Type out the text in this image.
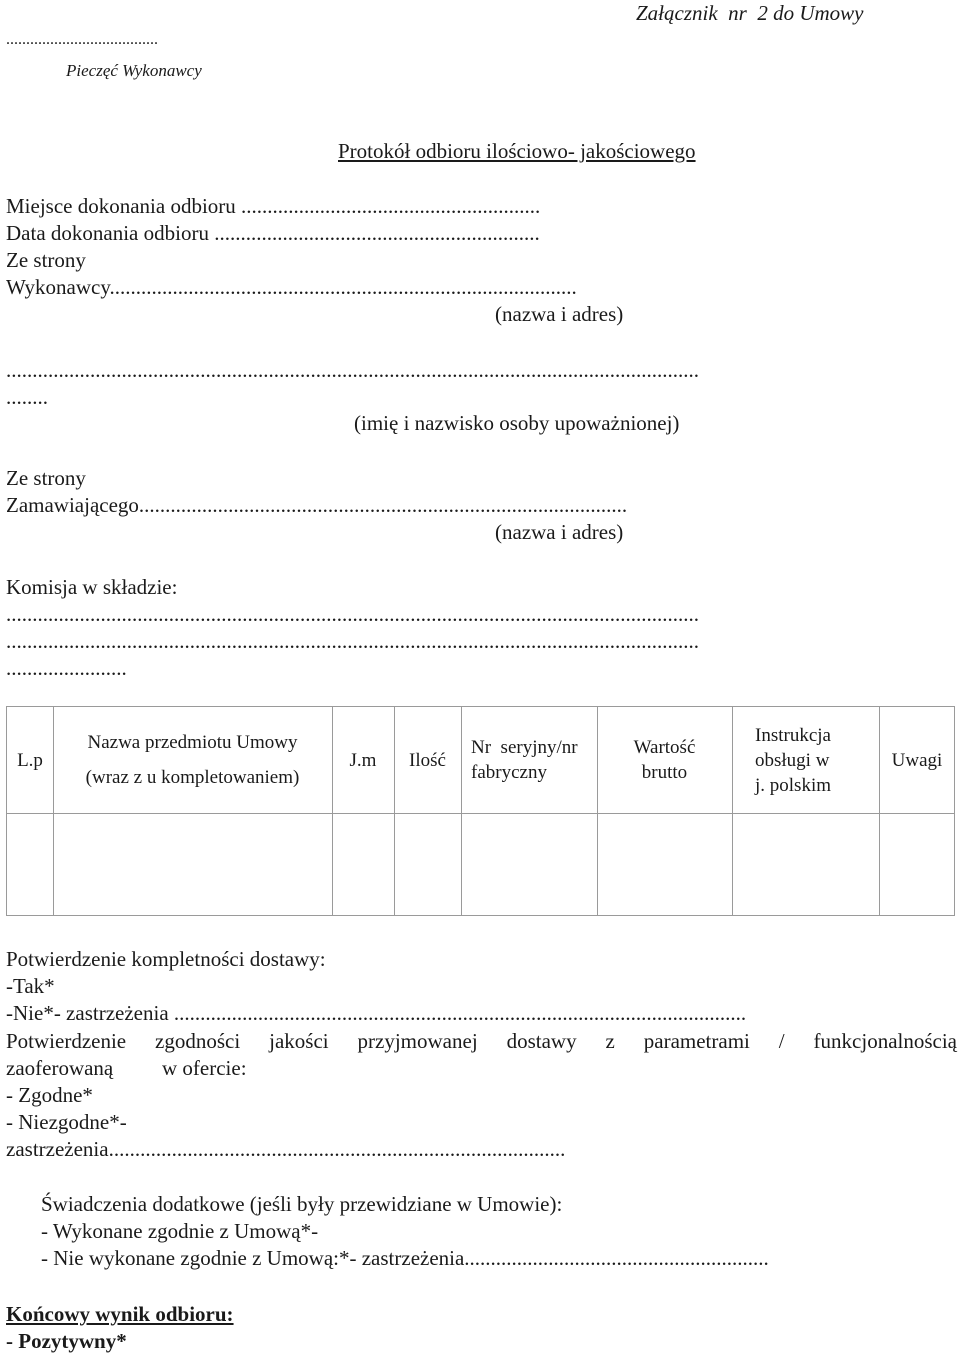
Załącznik  nr  2 do Umowy
......................................
Pieczęć Wykonawcy
Protokół odbioru ilościowo- jakościowego
Miejsce dokonania odbioru .........................................................
Data dokonania odbioru ..............................................................
Ze strony
Wykonawcy.........................................................................................
(nazwa i adres)
....................................................................................................................................
........
(imię i nazwisko osoby upoważnionej)
Ze strony
Zamawiającego.............................................................................................
(nazwa i adres)
Komisja w składzie:
....................................................................................................................................
....................................................................................................................................
.......................
L.p
Nazwa przedmiotu Umowy
(wraz z u kompletowaniem)
J.m	Ilość
Nr  seryjny/nr
fabryczny
Wartość
brutto
Instrukcja
obsługi w
j. polskim
Uwagi
Potwierdzenie kompletności dostawy:
-Tak*
-Nie*- zastrzeżenia .............................................................................................................
Potwierdzenie zgodności jakości przyjmowanej dostawy z parametrami / funkcjonalnością
zaoferowaną w ofercie:
- Zgodne*
- Niezgodne*-
zastrzeżenia.......................................................................................
Świadczenia dodatkowe (jeśli były przewidziane w Umowie):
- Wykonane zgodnie z Umową*-
- Nie wykonane zgodnie z Umową:*- zastrzeżenia..........................................................
Końcowy wynik odbioru:
- Pozytywny*
